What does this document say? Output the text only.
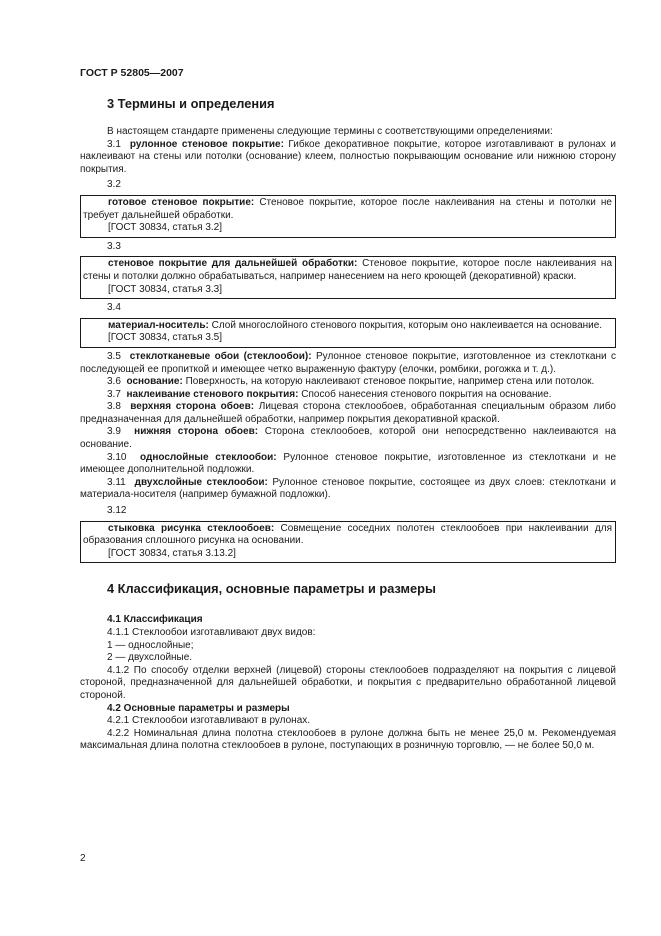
ГОСТ Р 52805—2007
3 Термины и определения

В настоящем стандарте применены следующие термины с соответствующими определениями:

3.1 рулонное стеновое покрытие: Гибкое декоративное покрытие, которое изготавливают в рулонах и наклеивают на стены или потолки (основание) клеем, полностью покрывающим основание или нижнюю сторону покрытия.

3.2

готовое стеновое покрытие: Стеновое покрытие, которое после наклеивания на стены и потолки не требует дальнейшей обработки.

[ГОСТ 30834, статья 3.2]

3.3

стеновое покрытие для дальнейшей обработки: Стеновое покрытие, которое после наклеивания на стены и потолки должно обрабатываться, например нанесением на него кроющей (декоративной) краски.

[ГОСТ 30834, статья 3.3]

3.4

материал-носитель: Слой многослойного стенового покрытия, которым оно наклеивается на основание.

[ГОСТ 30834, статья 3.5]

3.5 стеклотканевые обои (стеклообои): Рулонное стеновое покрытие, изготовленное из стеклоткани с последующей ее пропиткой и имеющее четко выраженную фактуру (елочки, ромбики, рогожка и т. д.).

3.6 основание: Поверхность, на которую наклеивают стеновое покрытие, например стена или потолок.

3.7 наклеивание стенового покрытия: Способ нанесения стенового покрытия на основание.

3.8 верхняя сторона обоев: Лицевая сторона стеклообоев, обработанная специальным образом либо предназначенная для дальнейшей обработки, например покрытия декоративной краской.

3.9 нижняя сторона обоев: Сторона стеклообоев, которой они непосредственно наклеиваются на основание.

3.10 однослойные стеклообои: Рулонное стеновое покрытие, изготовленное из стеклоткани и не имеющее дополнительной подложки.

3.11 двухслойные стеклообои: Рулонное стеновое покрытие, состоящее из двух слоев: стеклоткани и материала-носителя (например бумажной подложки).

3.12

стыковка рисунка стеклообоев: Совмещение соседних полотен стеклообоев при наклеивании для образования сплошного рисунка на основании.

[ГОСТ 30834, статья 3.13.2]

4 Классификация, основные параметры и размеры

4.1 Классификация

4.1.1 Стеклообои изготавливают двух видов:

1 — однослойные;

2 — двухслойные.

4.1.2 По способу отделки верхней (лицевой) стороны стеклообоев подразделяют на покрытия с лицевой стороной, предназначенной для дальнейшей обработки, и покрытия с предварительно обработанной лицевой стороной.

4.2 Основные параметры и размеры

4.2.1 Стеклообои изготавливают в рулонах.

4.2.2 Номинальная длина полотна стеклообоев в рулоне должна быть не менее 25,0 м. Рекомендуемая максимальная длина полотна стеклообоев в рулоне, поступающих в розничную торговлю, — не более 50,0 м.

2
